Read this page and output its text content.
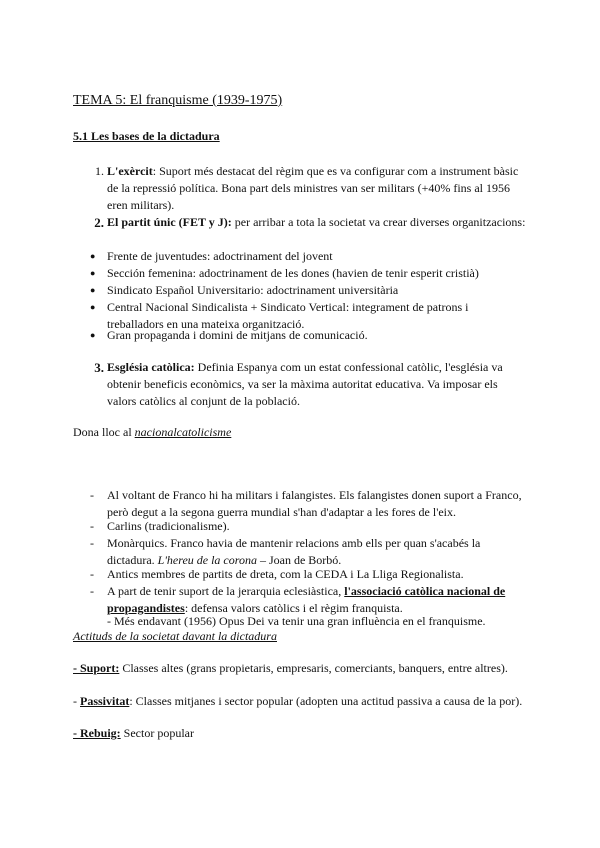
TEMA 5: El franquisme (1939-1975)
5.1 Les bases de la dictadura
1. L'exèrcit: Suport més destacat del règim que es va configurar com a instrument bàsic de la repressió política. Bona part dels ministres van ser militars (+40% fins al 1956 eren militars).
2. El partit únic (FET y J): per arribar a tota la societat va crear diverses organitzacions:
● Frente de juventudes: adoctrinament del jovent
● Sección femenina: adoctrinament de les dones (havien de tenir esperit cristià)
● Sindicato Español Universitario: adoctrinament universitària
● Central Nacional Sindicalista + Sindicato Vertical: integrament de patrons i treballadors en una mateixa organització.
● Gran propaganda i domini de mitjans de comunicació.
3. Església catòlica: Definia Espanya com un estat confessional catòlic, l'església va obtenir beneficis econòmics, va ser la màxima autoritat educativa. Va imposar els valors catòlics al conjunt de la població.
Dona lloc al nacionalcatolicisme
- Al voltant de Franco hi ha militars i falangistes. Els falangistes donen suport a Franco, però degut a la segona guerra mundial s'han d'adaptar a les fores de l'eix.
- Carlins (tradicionalisme).
- Monàrquics. Franco havia de mantenir relacions amb ells per quan s'acabés la dictadura. L'hereu de la corona – Joan de Borbó.
- Antics membres de partits de dreta, com la CEDA i La Lliga Regionalista.
- A part de tenir suport de la jerarquia eclesiàstica, l'associació catòlica nacional de propagandistes: defensa valors catòlics i el règim franquista.
- Més endavant (1956) Opus Dei va tenir una gran influència en el franquisme.
Actituds de la societat davant la dictadura
- Suport: Classes altes (grans propietaris, empresaris, comerciants, banquers, entre altres).
- Passivitat: Classes mitjanes i sector popular (adopten una actitud passiva a causa de la por).
- Rebuig: Sector popular
